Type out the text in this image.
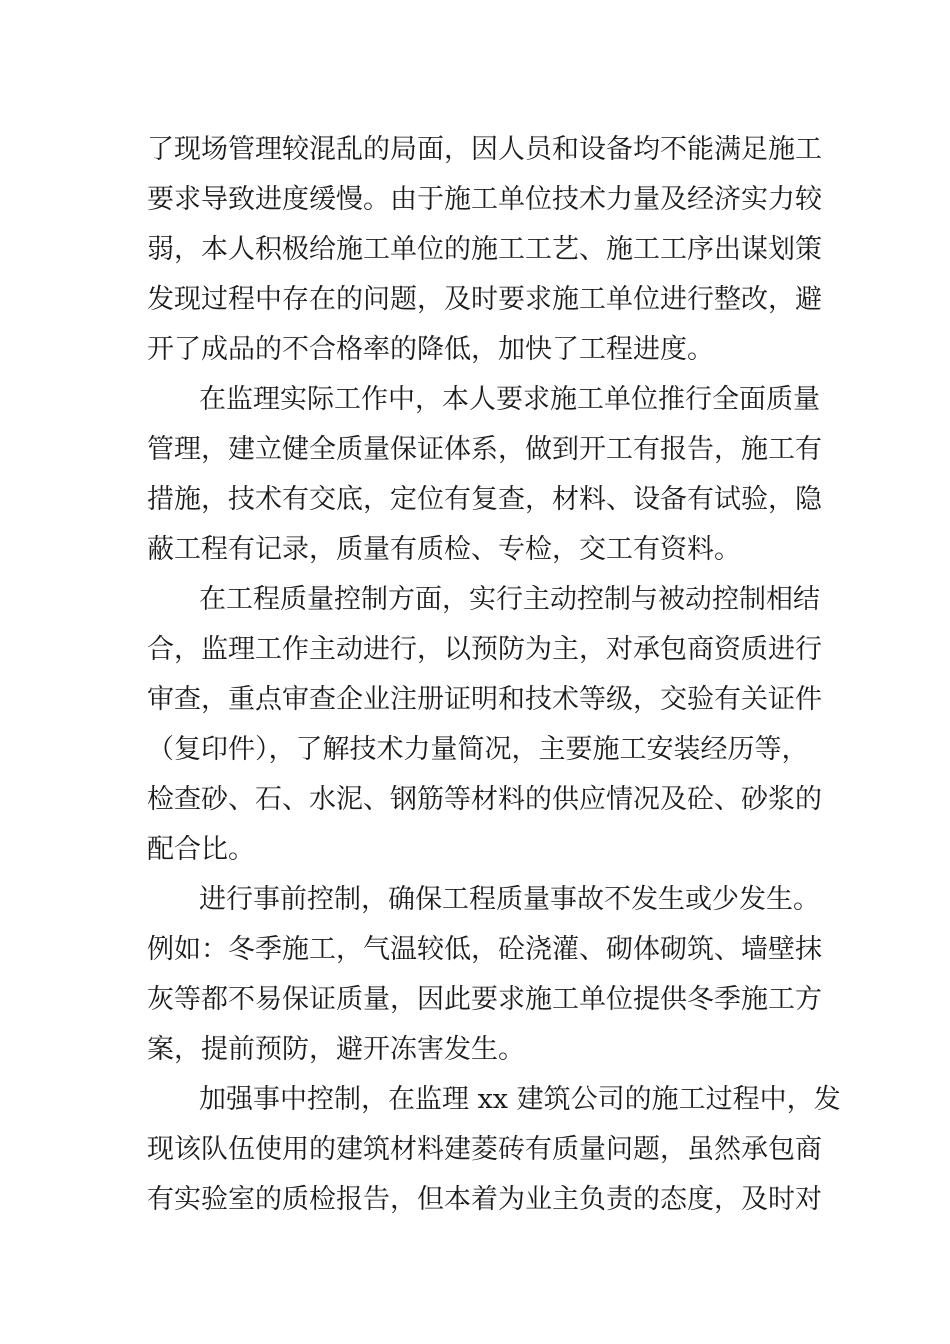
了现场管理较混乱的局面，因人员和设备均不能满足施工
要求导致进度缓慢。由于施工单位技术力量及经济实力较
弱，本人积极给施工单位的施工工艺、施工工序出谋划策
发现过程中存在的问题，及时要求施工单位进行整改，避
开了成品的不合格率的降低，加快了工程进度。
在监理实际工作中，本人要求施工单位推行全面质量
管理，建立健全质量保证体系，做到开工有报告，施工有
措施，技术有交底，定位有复查，材料、设备有试验，隐
蔽工程有记录，质量有质检、专检，交工有资料。
在工程质量控制方面，实行主动控制与被动控制相结
合，监理工作主动进行，以预防为主，对承包商资质进行
审查，重点审查企业注册证明和技术等级，交验有关证件
（复印件），了解技术力量简况，主要施工安装经历等，
检查砂、石、水泥、钢筋等材料的供应情况及砼、砂浆的
配合比。
进行事前控制，确保工程质量事故不发生或少发生。
例如：冬季施工，气温较低，砼浇灌、砌体砌筑、墙壁抹
灰等都不易保证质量，因此要求施工单位提供冬季施工方
案，提前预防，避开冻害发生。
加强事中控制，在监理 xx 建筑公司的施工过程中，发
现该队伍使用的建筑材料建菱砖有质量问题，虽然承包商
有实验室的质检报告，但本着为业主负责的态度，及时对
